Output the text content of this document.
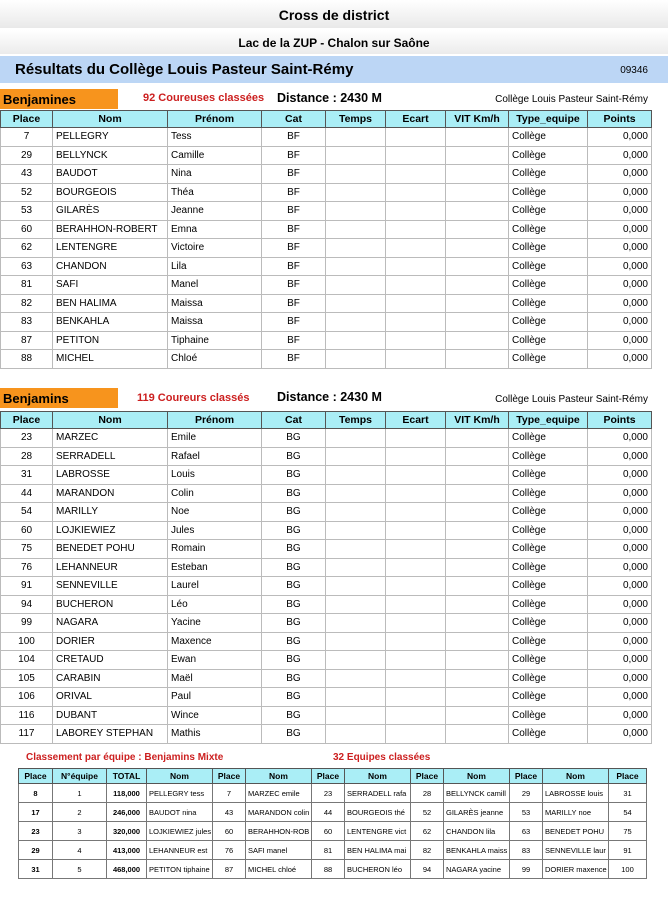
Cross de district
Lac de la ZUP - Chalon sur Saône
Résultats du Collège Louis Pasteur Saint-Rémy	09346
Benjamines	92 Coureuses classées Distance : 2430 M	Collège Louis Pasteur Saint-Rémy
Place	Nom	Prénom	Cat	Temps	Ecart	VIT Km/h	Type_equipe	Points
7	PELLEGRY	Tess	BF				Collège	0,000
29	BELLYNCK	Camille	BF				Collège	0,000
43	BAUDOT	Nina	BF				Collège	0,000
52	BOURGEOIS	Théa	BF				Collège	0,000
53	GILARÈS	Jeanne	BF				Collège	0,000
60	BERAHHON-ROBERT	Emna	BF				Collège	0,000
62	LENTENGRE	Victoire	BF				Collège	0,000
63	CHANDON	Lila	BF				Collège	0,000
81	SAFI	Manel	BF				Collège	0,000
82	BEN HALIMA	Maissa	BF				Collège	0,000
83	BENKAHLA	Maissa	BF				Collège	0,000
87	PETITON	Tiphaine	BF				Collège	0,000
88	MICHEL	Chloé	BF				Collège	0,000
Benjamins	119 Coureurs classés Distance : 2430 M	Collège Louis Pasteur Saint-Rémy
Place	Nom	Prénom	Cat	Temps	Ecart	VIT Km/h	Type_equipe	Points
23	MARZEC	Emile	BG				Collège	0,000
28	SERRADELL	Rafael	BG				Collège	0,000
31	LABROSSE	Louis	BG				Collège	0,000
44	MARANDON	Colin	BG				Collège	0,000
54	MARILLY	Noe	BG				Collège	0,000
60	LOJKIEWIEZ	Jules	BG				Collège	0,000
75	BENEDET POHU	Romain	BG				Collège	0,000
76	LEHANNEUR	Esteban	BG				Collège	0,000
91	SENNEVILLE	Laurel	BG				Collège	0,000
94	BUCHERON	Léo	BG				Collège	0,000
99	NAGARA	Yacine	BG				Collège	0,000
100	DORIER	Maxence	BG				Collège	0,000
104	CRETAUD	Ewan	BG				Collège	0,000
105	CARABIN	Maël	BG				Collège	0,000
106	ORIVAL	Paul	BG				Collège	0,000
116	DUBANT	Wince	BG				Collège	0,000
117	LABOREY STEPHAN	Mathis	BG				Collège	0,000
Classement par équipe : Benjamins Mixte	32 Equipes classées
Place	N°équipe	TOTAL	Nom	Place	Nom	Place	Nom	Place	Nom	Place	Nom	Place
8	1	118,000	PELLEGRY tess	7	MARZEC emile	23	SERRADELL rafa	28	BELLYNCK camill	29	LABROSSE louis	31
17	2	246,000	BAUDOT nina	43	MARANDON colin	44	BOURGEOIS thé	52	GILARÈS jeanne	53	MARILLY noe	54
23	3	320,000	LOJKIEWIEZ jules	60	BERAHHON-ROB	60	LENTENGRE vict	62	CHANDON lila	63	BENEDET POHU	75
29	4	413,000	LEHANNEUR est	76	SAFI manel	81	BEN HALIMA mai	82	BENKAHLA maiss	83	SENNEVILLE laur	91
31	5	468,000	PETITON tiphaine	87	MICHEL chloé	88	BUCHERON léo	94	NAGARA yacine	99	DORIER maxence	100
